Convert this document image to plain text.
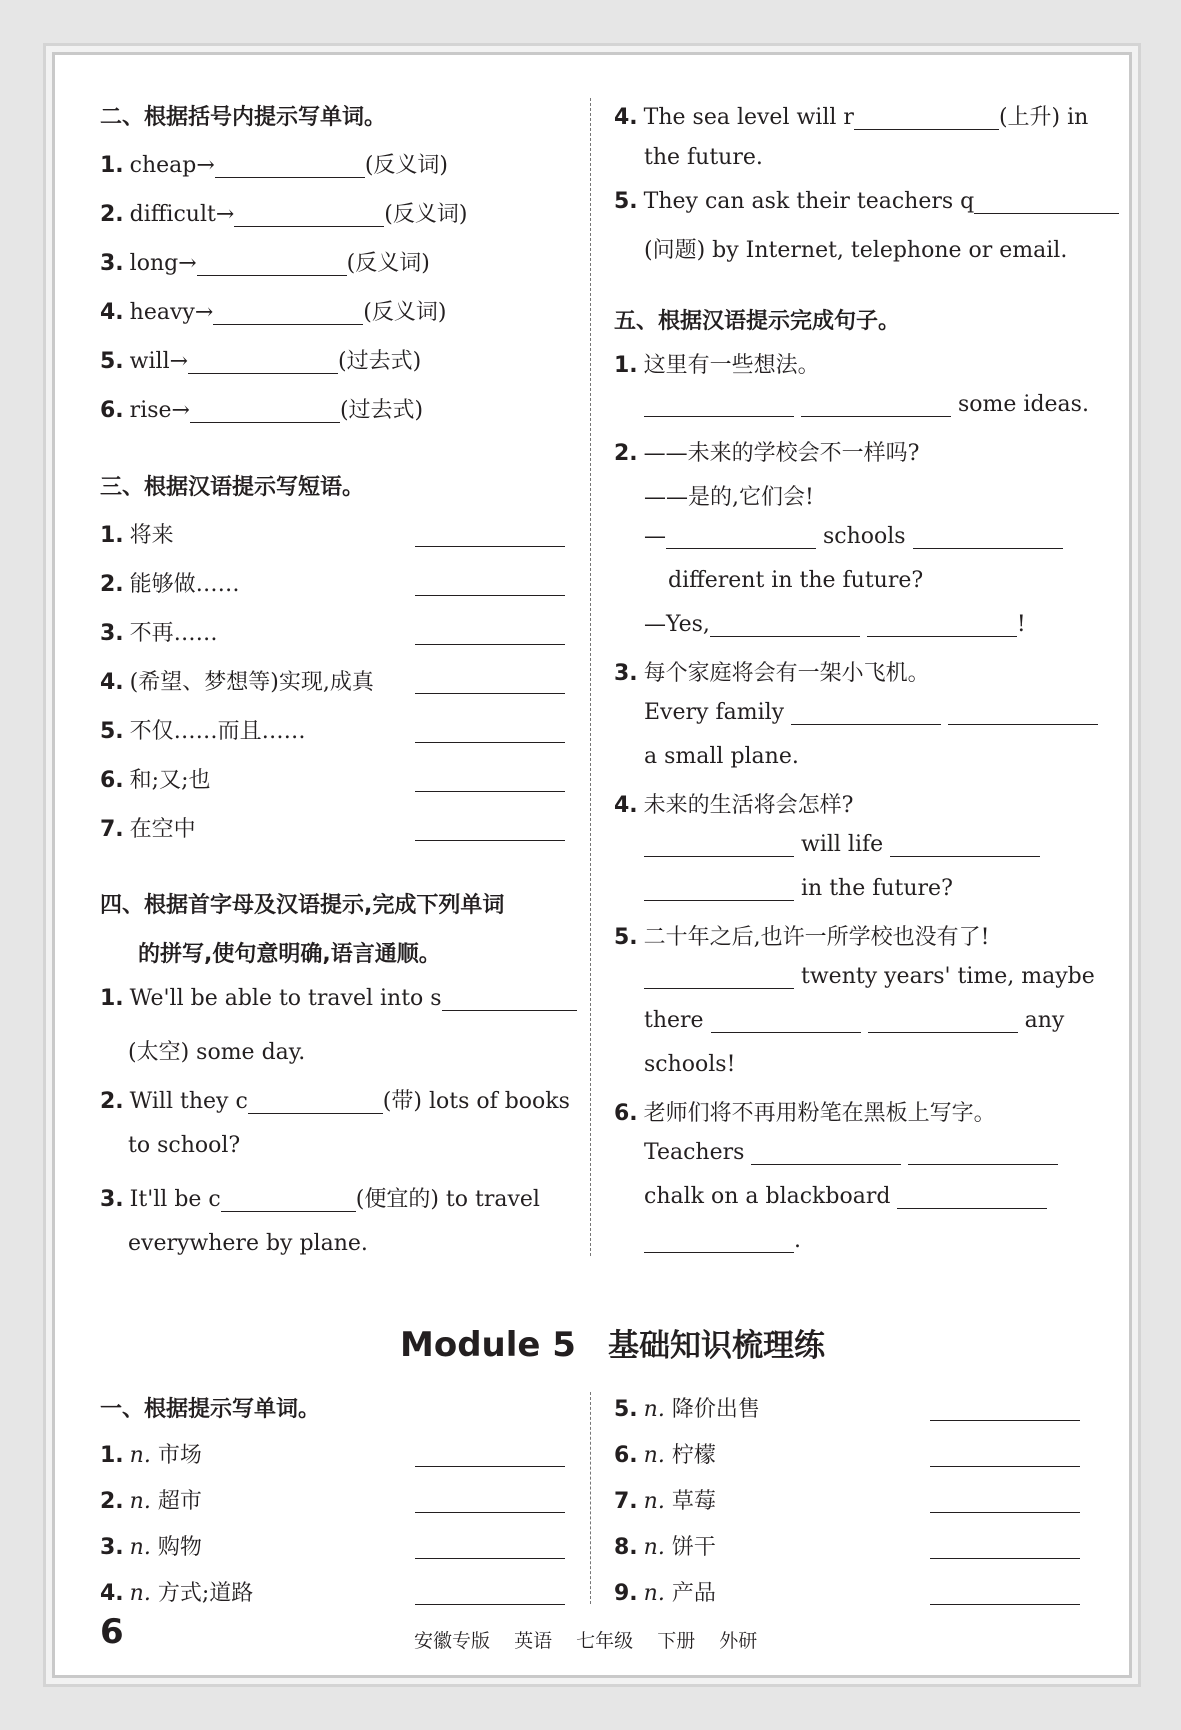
二、根据括号内提示写单词。
1. cheap→	(反义词)
2. difficult→	(反义词)
3. long→	(反义词)
4. heavy→	(反义词)
5. will→	(过去式)
6. rise→	(过去式)
三、根据汉语提示写短语。
1. 将来
2. 能够做……
3. 不再……
4. (希望、梦想等)实现,成真
5. 不仅……而且……
6. 和;又;也
7. 在空中
四、根据首字母及汉语提示,完成下列单词
的拼写,使句意明确,语言通顺。
1. We'll be able to travel into s
(太空) some day.
2. Will they c	(带) lots of books
to school?
3. It'll be c	(便宜的) to travel
everywhere by plane.
4. The sea level will r	(上升) in
the future.
5. They can ask their teachers q
(问题) by Internet, telephone or email.
五、根据汉语提示完成句子。
1. 这里有一些想法。
some ideas.
2. ——未来的学校会不一样吗?
——是的,它们会!
—	schools
different in the future?
—Yes,	!
3. 每个家庭将会有一架小飞机。
Every family
a small plane.
4. 未来的生活将会怎样?
will life
in the future?
5. 二十年之后,也许一所学校也没有了!
twenty years' time, maybe
there	any
schools!
6. 老师们将不再用粉笔在黑板上写字。
Teachers
chalk on a blackboard
.
Module 5 基础知识梳理练
一、根据提示写单词。
1. n. 市场
2. n. 超市
3. n. 购物
4. n. 方式;道路
5. n. 降价出售
6. n. 柠檬
7. n. 草莓
8. n. 饼干
9. n. 产品
6	安徽专版 英语 七年级 下册 外研
